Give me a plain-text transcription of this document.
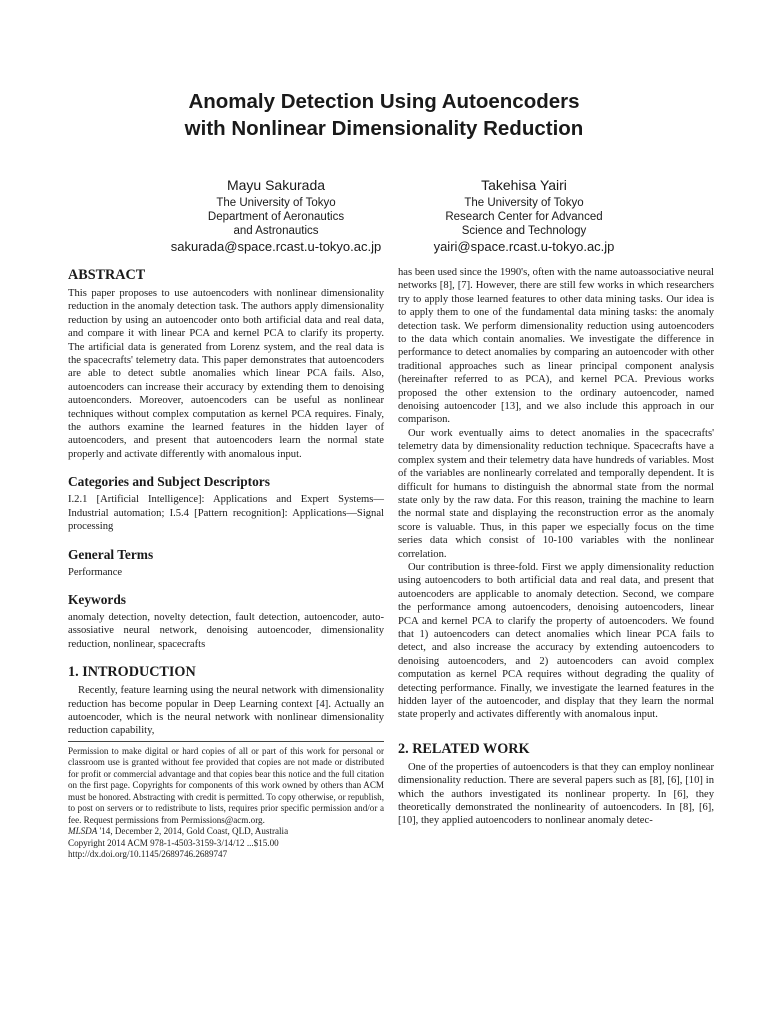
Anomaly Detection Using Autoencoders
with Nonlinear Dimensionality Reduction
Mayu Sakurada
The University of Tokyo
Department of Aeronautics
and Astronautics
sakurada@space.rcast.u-tokyo.ac.jp
Takehisa Yairi
The University of Tokyo
Research Center for Advanced
Science and Technology
yairi@space.rcast.u-tokyo.ac.jp
ABSTRACT

This paper proposes to use autoencoders with nonlinear dimensionality reduction in the anomaly detection task. The authors apply dimensionality reduction by using an autoencoder onto both artificial data and real data, and compare it with linear PCA and kernel PCA to clarify its property. The artificial data is generated from Lorenz system, and the real data is the spacecrafts' telemetry data. This paper demonstrates that autoencoders are able to detect subtle anomalies which linear PCA fails. Also, autoencoders can increase their accuracy by extending them to denoising autoenconders. Moreover, autoencoders can be useful as nonlinear techniques without complex computation as kernel PCA requires. Finaly, the authors examine the learned features in the hidden layer of autoencoders, and present that autoencoders learn the normal state properly and activate differently with anomalous input.

Categories and Subject Descriptors

I.2.1 [Artificial Intelligence]: Applications and Expert Systems—Industrial automation; I.5.4 [Pattern recognition]: Applications—Signal processing

General Terms

Performance

Keywords

anomaly detection, novelty detection, fault detection, autoencoder, auto-assosiative neural network, denoising autoencoder, dimensionality reduction, nonlinear, spacecrafts

1. INTRODUCTION

Recently, feature learning using the neural network with dimensionality reduction has become popular in Deep Learning context [4]. Actually an autoencoder, which is the neural network with nonlinear dimensionality reduction capability,

Permission to make digital or hard copies of all or part of this work for personal or classroom use is granted without fee provided that copies are not made or distributed for profit or commercial advantage and that copies bear this notice and the full citation on the first page. Copyrights for components of this work owned by others than ACM must be honored. Abstracting with credit is permitted. To copy otherwise, or republish, to post on servers or to redistribute to lists, requires prior specific permission and/or a fee. Request permissions from Permissions@acm.org.

MLSDA '14, December 2, 2014, Gold Coast, QLD, Australia
Copyright 2014 ACM 978-1-4503-3159-3/14/12 ...$15.00
http://dx.doi.org/10.1145/2689746.2689747

has been used since the 1990's, often with the name autoassociative neural networks [8], [7]. However, there are still few works in which researchers try to apply those learned features to other data mining tasks. Our idea is to apply them to one of the fundamental data mining tasks: the anomaly detection task. We perform dimensionality reduction using autoencoders to the data which contain anomalies. We investigate the difference in performance to detect anomalies by comparing an autoencoder with other traditional approaches such as linear principal component analysis (hereinafter referred to as PCA), and kernel PCA. Previous works proposed the other extension to the ordinary autoencoder, named denoising autoencoder [13], and we also include this approach in our comparison.

Our work eventually aims to detect anomalies in the spacecrafts' telemetry data by dimensionality reduction technique. Spacecrafts have a complex system and their telemetry data have hundreds of variables. Most of the variables are nonlinearly correlated and temporally dependent. It is difficult for humans to distinguish the abnormal state from the normal state only by the raw data. For this reason, training the machine to learn the normal state and displaying the reconstruction error as the anomaly score is valuable. Thus, in this paper we especially focus on the time series data which consist of 10-100 variables with the nonlinear correlation.

Our contribution is three-fold. First we apply dimensionality reduction using autoencoders to both artificial data and real data, and present that autoencoders are applicable to anomaly detection. Second, we compare the performance among autoencoders, denoising autoencoders, linear PCA and kernel PCA to clarify the property of autoencoders. We found that 1) autoencoders can detect anomalies which linear PCA fails to detect, and also increase the accuracy by extending autoencoders to denoising autoencoders, and 2) autoencoders can avoid complex computation as kernel PCA requires without degrading the quality of detecting performance. Finally, we investigate the learned features in the hidden layer of the autoencoder, and display that they learn the normal state properly and activates differently with anomalous input.

2. RELATED WORK

One of the properties of autoencoders is that they can employ nonlinear dimensionality reduction. There are several papers such as [8], [6], [10] in which the authors investigated its nonlinear property. In [6], they theoretically demonstrated the nonlinearity of autoencoders. In [8], [6], [10], they applied autoencoders to nonlinear anomaly detec-
